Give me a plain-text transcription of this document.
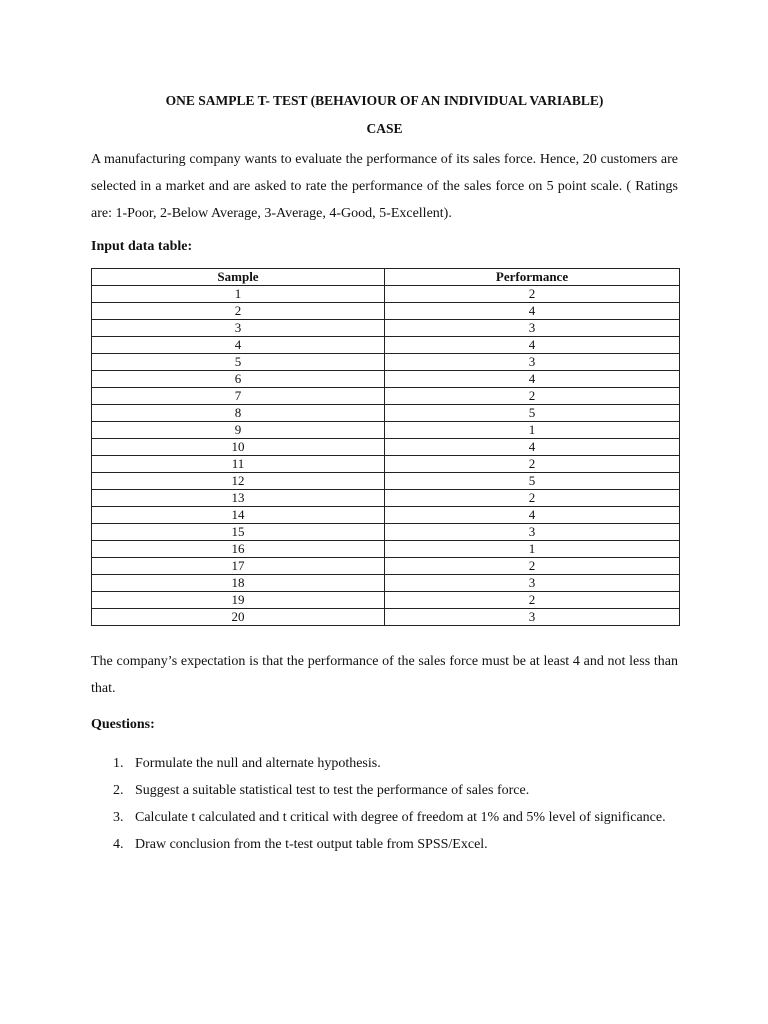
ONE SAMPLE T- TEST (BEHAVIOUR OF AN INDIVIDUAL VARIABLE)
CASE

A manufacturing company wants to evaluate the performance of its sales force. Hence, 20 customers are selected in a market and are asked to rate the performance of the sales force on 5 point scale. ( Ratings are: 1-Poor, 2-Below Average, 3-Average, 4-Good, 5-Excellent).

Input data table:

Sample	Performance
1	2
2	4
3	3
4	4
5	3
6	4
7	2
8	5
9	1
10	4
11	2
12	5
13	2
14	4
15	3
16	1
17	2
18	3
19	2
20	3

The company’s expectation is that the performance of the sales force must be at least 4 and not less than that.

Questions:

1. Formulate the null and alternate hypothesis.
2. Suggest a suitable statistical test to test the performance of sales force.
3. Calculate t calculated and t critical with degree of freedom at 1% and 5% level of significance.
4. Draw conclusion from the t-test output table from SPSS/Excel.
